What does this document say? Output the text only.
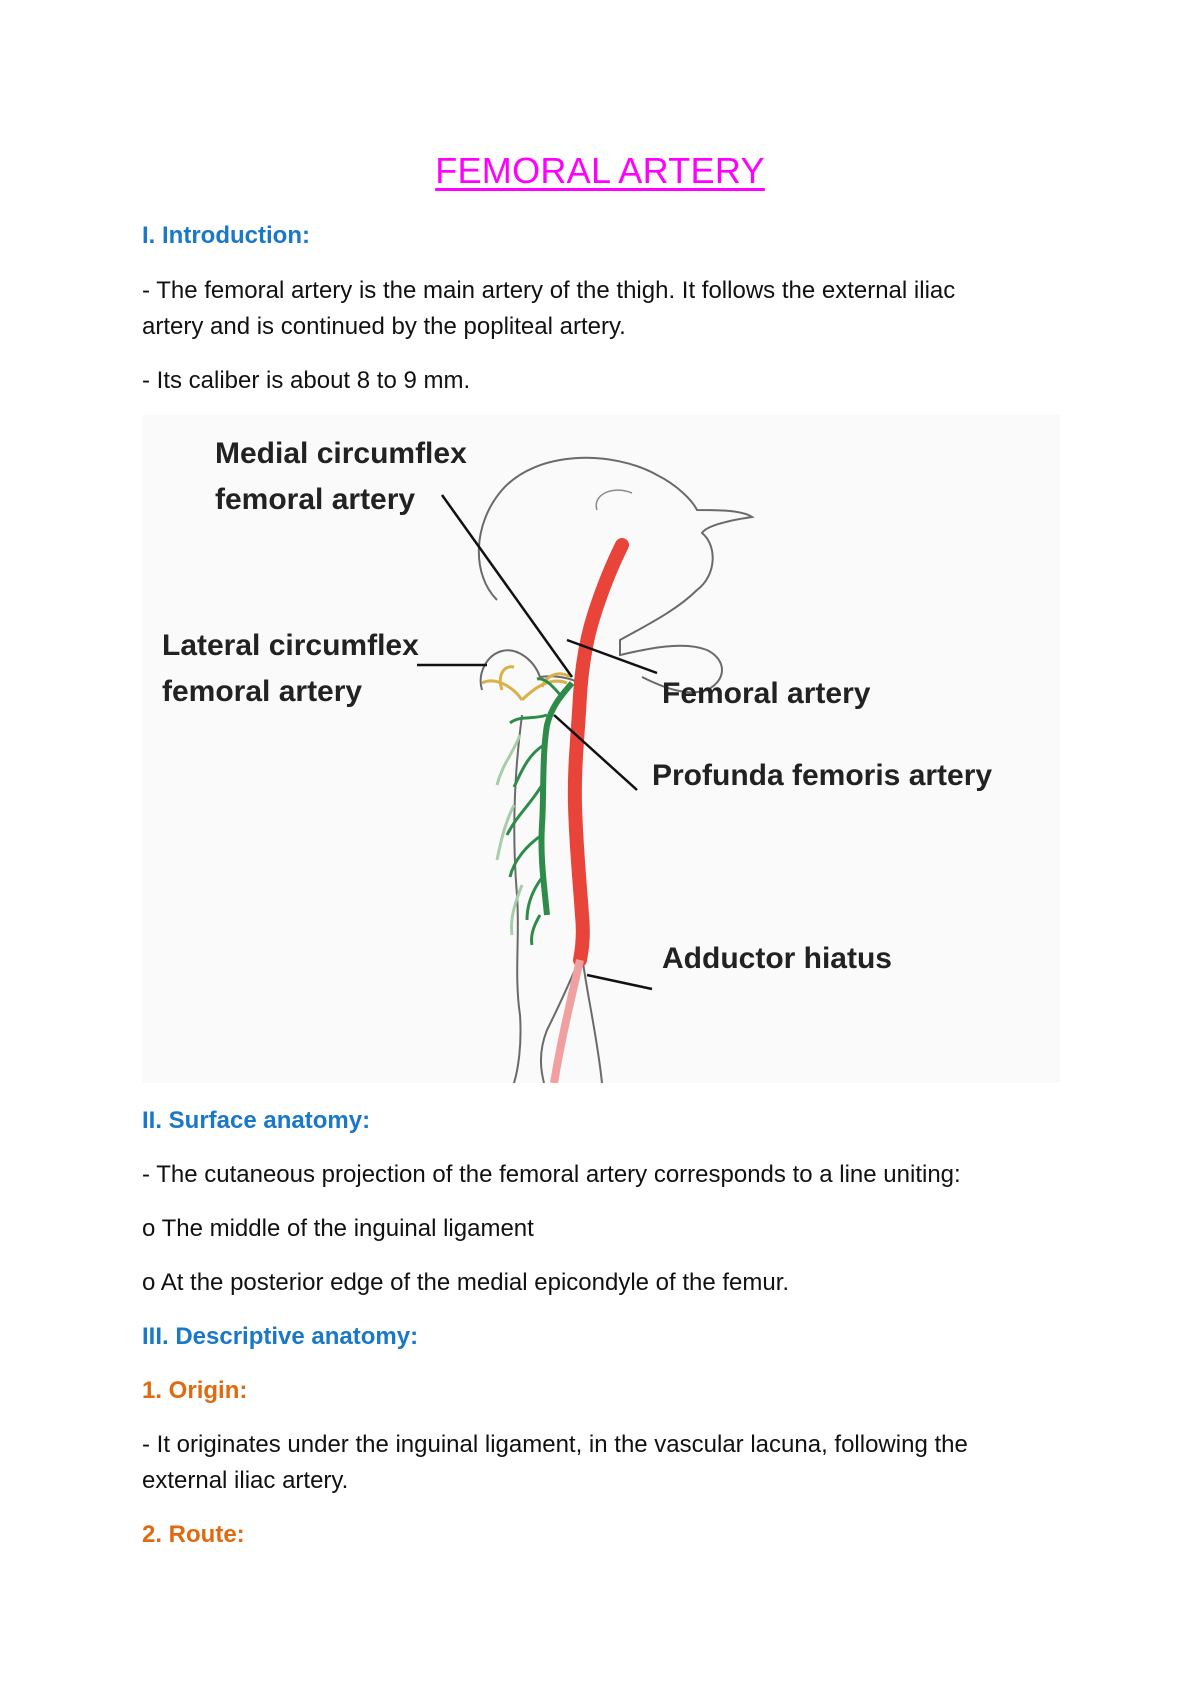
FEMORAL ARTERY

I. Introduction:

- The femoral artery is the main artery of the thigh. It follows the external iliac

artery and is continued by the popliteal artery.

- Its caliber is about 8 to 9 mm.

Medial circumflex
femoral artery
Lateral circumflex
femoral artery	Femoral artery
Profunda femoris artery
Adductor hiatus

II. Surface anatomy:

- The cutaneous projection of the femoral artery corresponds to a line uniting:

o The middle of the inguinal ligament

o At the posterior edge of the medial epicondyle of the femur.

III. Descriptive anatomy:

1. Origin:

- It originates under the inguinal ligament, in the vascular lacuna, following the

external iliac artery.

2. Route:
